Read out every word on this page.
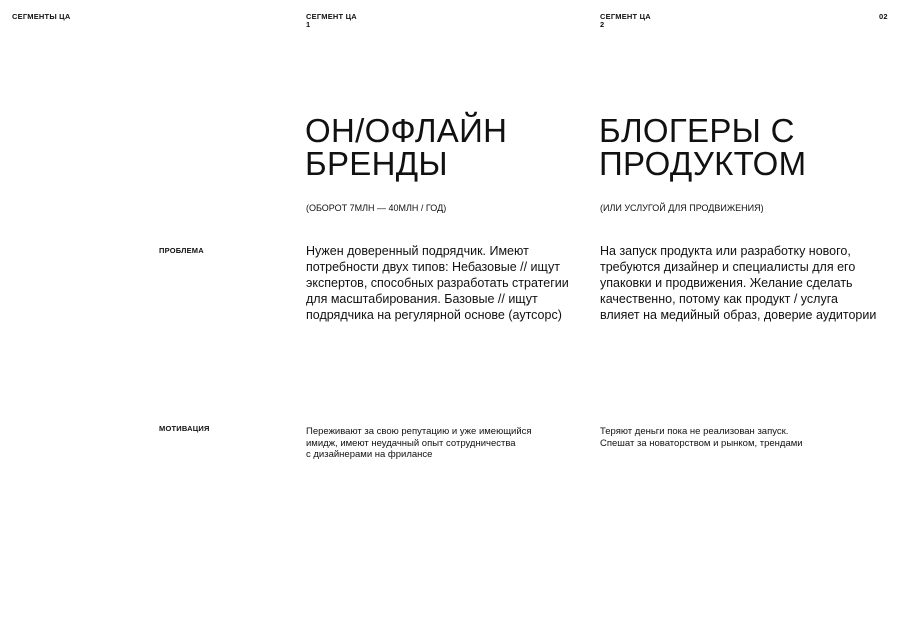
СЕГМЕНТЫ ЦА	СЕГМЕНТ ЦА
1
СЕГМЕНТ ЦА
2
02
ПРОБЛЕМА
МОТИВАЦИЯ
ОН/ОФЛАЙН
БРЕНДЫ
(ОБОРОТ 7МЛН — 40МЛН / ГОД)
Нужен доверенный подрядчик. Имеют
потребности двух типов: Небазовые // ищут
экспертов, способных разработать стратегии
для масштабирования. Базовые // ищут
подрядчика на регулярной основе (аутсорс)
Переживают за свою репутацию и уже имеющийся
имидж, имеют неудачный опыт сотрудничества
с дизайнерами на фрилансе
БЛОГЕРЫ С
ПРОДУКТОМ
(ИЛИ УСЛУГОЙ ДЛЯ ПРОДВИЖЕНИЯ)
На запуск продукта или разработку нового,
требуются дизайнер и специалисты для его
упаковки и продвижения. Желание сделать
качественно, потому как продукт / услуга
влияет на медийный образ, доверие аудитории
Теряют деньги пока не реализован запуск.
Спешат за новаторством и рынком, трендами
